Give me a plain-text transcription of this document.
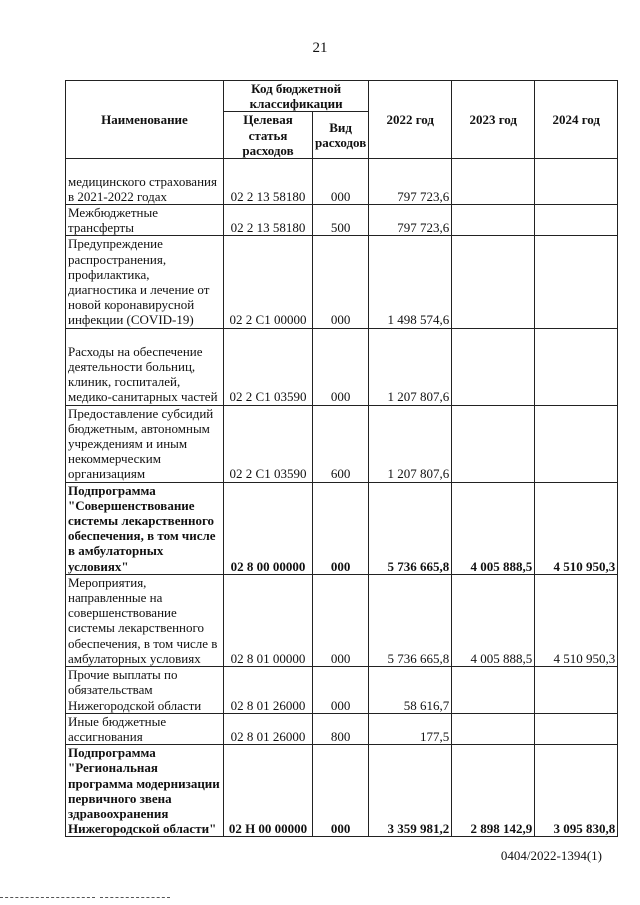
21
Наименование	Код бюджетной классификации		2022 год	2023 год	2024 год
	Целевая статья расходов	Вид расходов			
медицинского страхования в 2021-2022 годах	02 2 13 58180	000	797 723,6		
Межбюджетные трансферты	02 2 13 58180	500	797 723,6		
Предупреждение распространения, профилактика, диагностика и лечение от новой коронавирусной инфекции (COVID-19)	02 2 C1 00000	000	1 498 574,6		
Расходы на обеспечение деятельности больниц, клиник, госпиталей, медико-санитарных частей	02 2 C1 03590	000	1 207 807,6		
Предоставление субсидий бюджетным, автономным учреждениям и иным некоммерческим организациям	02 2 C1 03590	600	1 207 807,6		
Подпрограмма "Совершенствование системы лекарственного обеспечения, в том числе в амбулаторных условиях"	02 8 00 00000	000	5 736 665,8	4 005 888,5	4 510 950,3
Мероприятия, направленные на совершенствование системы лекарственного обеспечения, в том числе в амбулаторных условиях	02 8 01 00000	000	5 736 665,8	4 005 888,5	4 510 950,3
Прочие выплаты по обязательствам Нижегородской области	02 8 01 26000	000	58 616,7		
Иные бюджетные ассигнования	02 8 01 26000	800	177,5		
Подпрограмма "Региональная программа модернизации первичного звена здравоохранения Нижегородской области"	02 Н 00 00000	000	3 359 981,2	2 898 142,9	3 095 830,8
0404/2022-1394(1)
